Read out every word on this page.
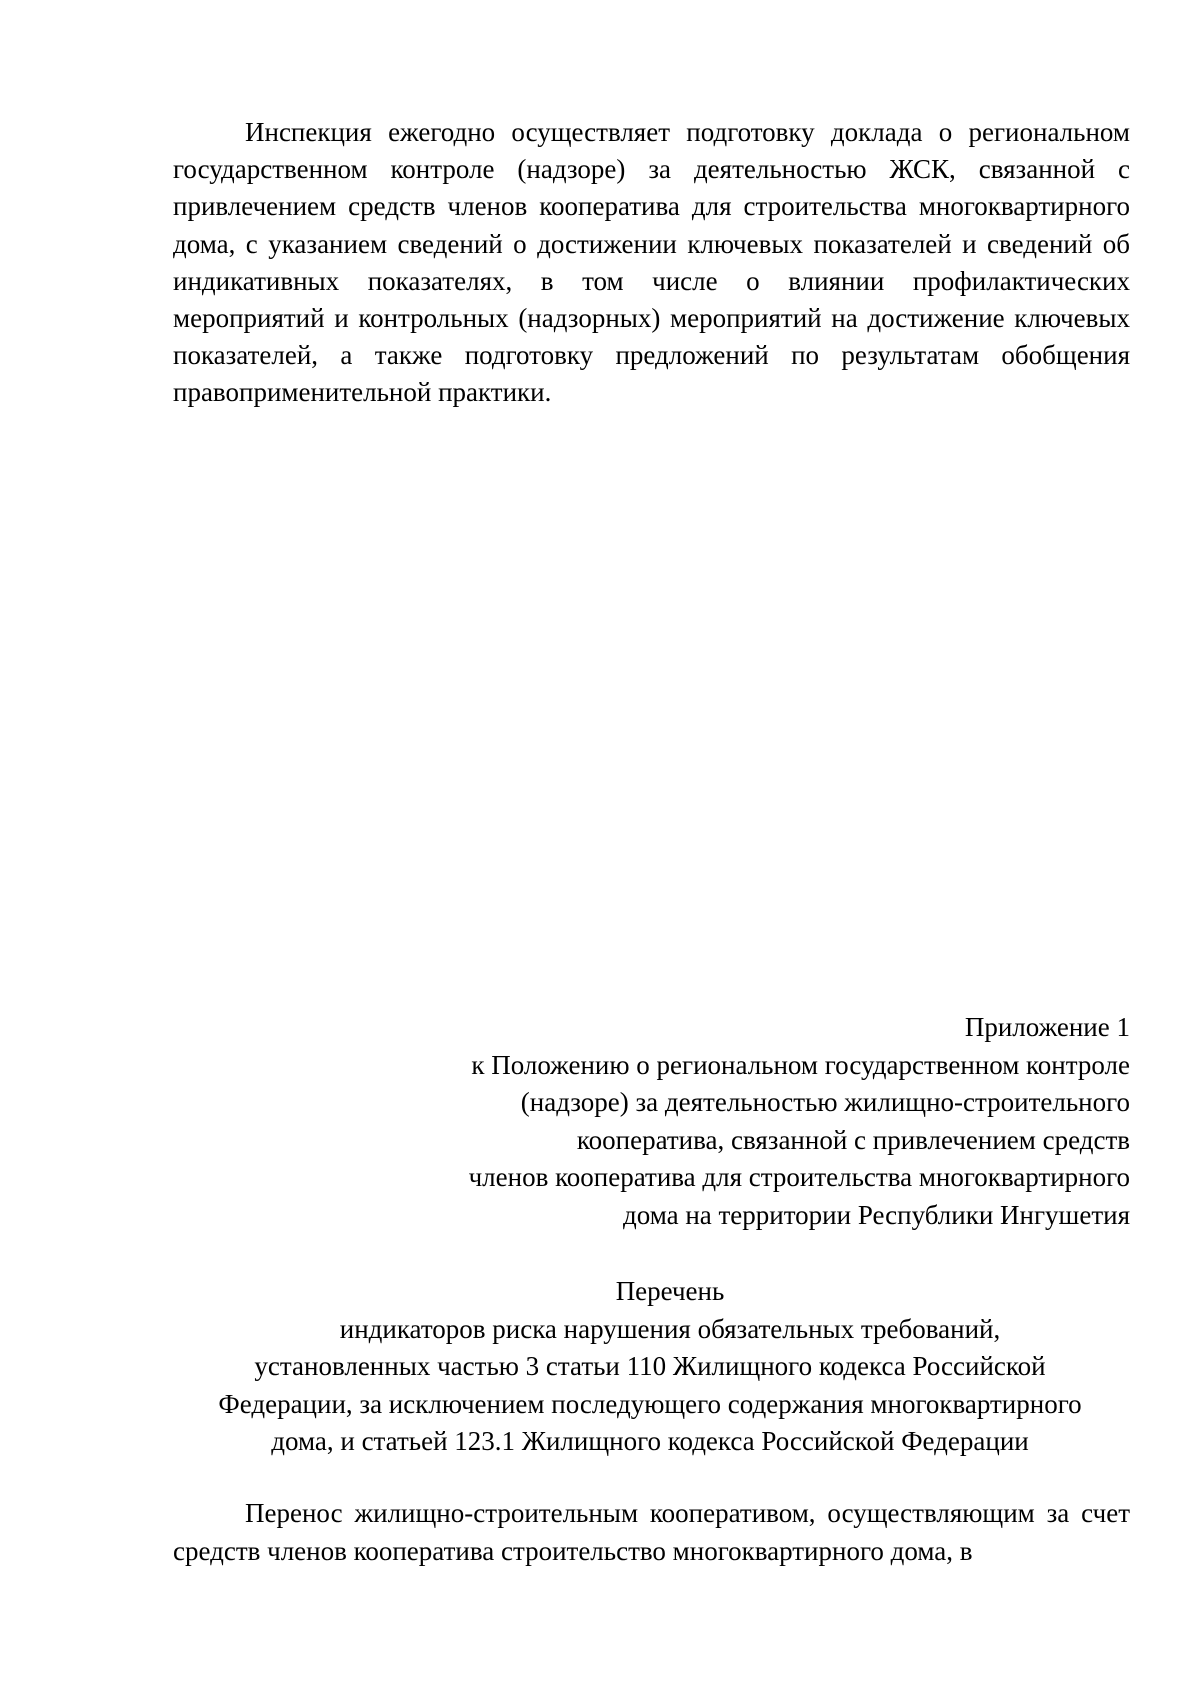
Инспекция ежегодно осуществляет подготовку доклада о региональном государственном контроле (надзоре) за деятельностью ЖСК, связанной с привлечением средств членов кооператива для строительства многоквартирного дома, с указанием сведений о достижении ключевых показателей и сведений об индикативных показателях, в том числе о влиянии профилактических мероприятий и контрольных (надзорных) мероприятий на достижение ключевых показателей, а также подготовку предложений по результатам обобщения правоприменительной практики.

Приложение 1
к Положению о региональном государственном контроле
(надзоре) за деятельностью жилищно-строительного
кооператива, связанной с привлечением средств
членов кооператива для строительства многоквартирного
дома на территории Республики Ингушетия
Перечень
индикаторов риска нарушения обязательных требований,
установленных частью 3 статьи 110 Жилищного кодекса Российской
Федерации, за исключением последующего содержания многоквартирного
дома, и статьей 123.1 Жилищного кодекса Российской Федерации

Перенос жилищно-строительным кооперативом, осуществляющим за счет средств членов кооператива строительство многоквартирного дома, в
